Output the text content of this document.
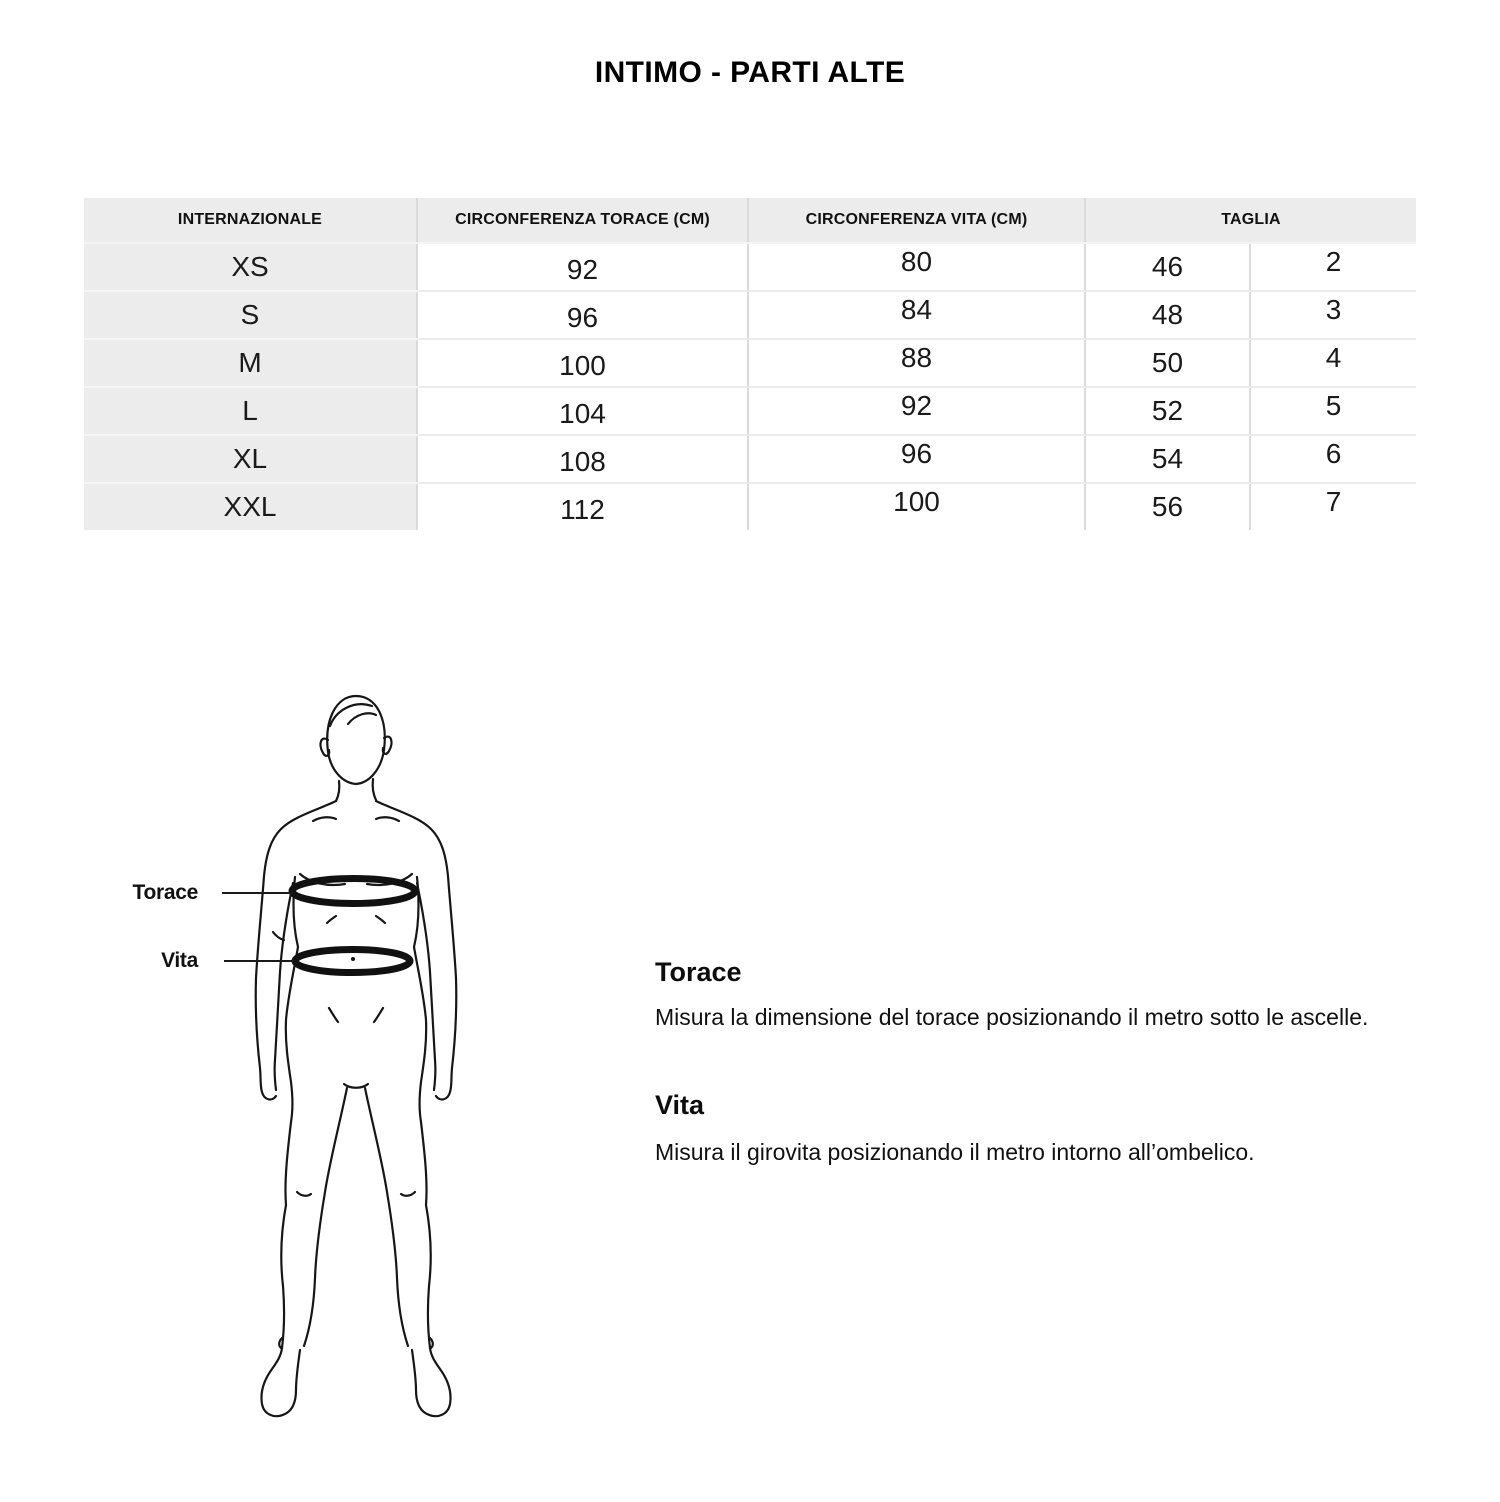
INTIMO - PARTI ALTE
INTERNAZIONALE	CIRCONFERENZA TORACE (CM)	CIRCONFERENZA VITA (CM)	TAGLIA	
XS	92	80	46	2
S	96	84	48	3
M	100	88	50	4
L	104	92	52	5
XL	108	96	54	6
XXL	112	100	56	7
Torace
Vita	Torace
Misura la dimensione del torace posizionando il metro sotto le ascelle.
Vita
Misura il girovita posizionando il metro intorno all’ombelico.
